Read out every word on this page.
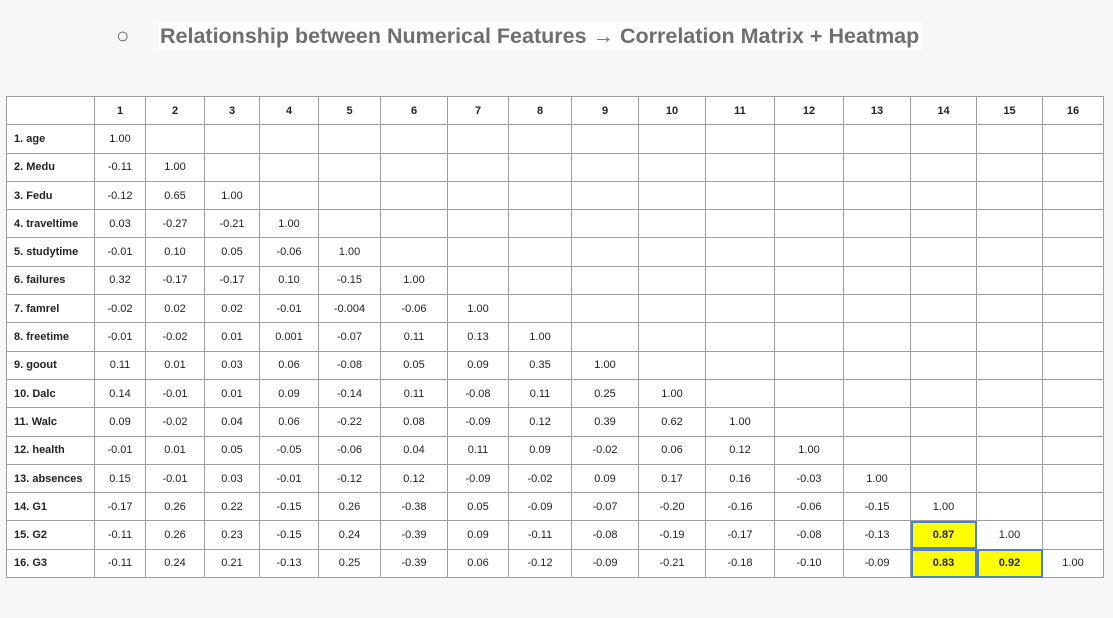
○	Relationship between Numerical Features → Correlation Matrix + Heatmap
	1	2	3	4	5	6	7	8	9	10	11	12	13	14	15	16
1. age	1.00															
2. Medu	-0.11	1.00														
3. Fedu	-0.12	0.65	1.00													
4. traveltime	0.03	-0.27	-0.21	1.00												
5. studytime	-0.01	0.10	0.05	-0.06	1.00											
6. failures	0.32	-0.17	-0.17	0.10	-0.15	1.00										
7. famrel	-0.02	0.02	0.02	-0.01	-0.004	-0.06	1.00									
8. freetime	-0.01	-0.02	0.01	0.001	-0.07	0.11	0.13	1.00								
9. goout	0.11	0.01	0.03	0.06	-0.08	0.05	0.09	0.35	1.00							
10. Dalc	0.14	-0.01	0.01	0.09	-0.14	0.11	-0.08	0.11	0.25	1.00						
11. Walc	0.09	-0.02	0.04	0.06	-0.22	0.08	-0.09	0.12	0.39	0.62	1.00					
12. health	-0.01	0.01	0.05	-0.05	-0.06	0.04	0.11	0.09	-0.02	0.06	0.12	1.00				
13. absences	0.15	-0.01	0.03	-0.01	-0.12	0.12	-0.09	-0.02	0.09	0.17	0.16	-0.03	1.00			
14. G1	-0.17	0.26	0.22	-0.15	0.26	-0.38	0.05	-0.09	-0.07	-0.20	-0.16	-0.06	-0.15	1.00		
15. G2	-0.11	0.26	0.23	-0.15	0.24	-0.39	0.09	-0.11	-0.08	-0.19	-0.17	-0.08	-0.13	0.87	1.00	
16. G3	-0.11	0.24	0.21	-0.13	0.25	-0.39	0.06	-0.12	-0.09	-0.21	-0.18	-0.10	-0.09	0.83	0.92	1.00
